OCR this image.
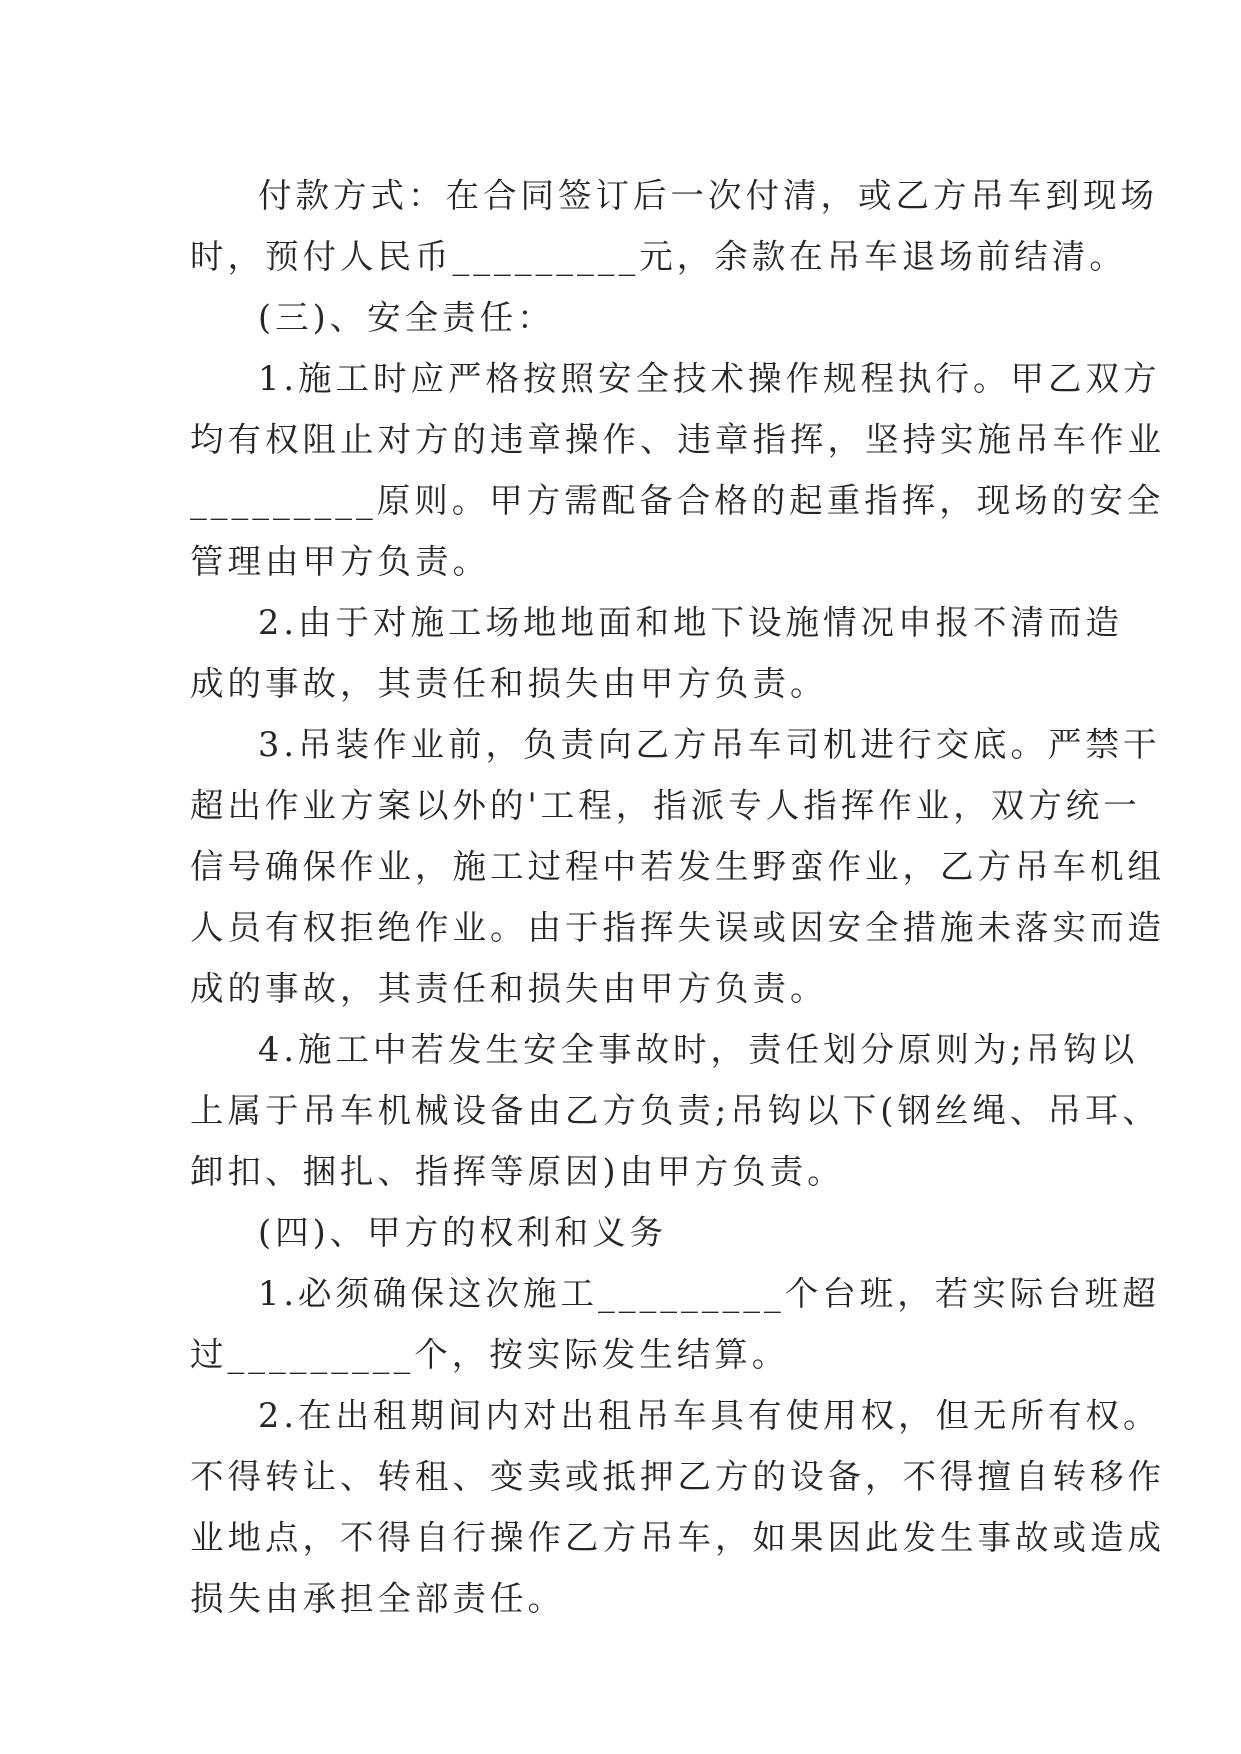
付款方式：在合同签订后一次付清，或乙方吊车到现场
时，预付人民币_________元，余款在吊车退场前结清。
(三)、安全责任：
1.施工时应严格按照安全技术操作规程执行。甲乙双方
均有权阻止对方的违章操作、违章指挥，坚持实施吊车作业
_________原则。甲方需配备合格的起重指挥，现场的安全
管理由甲方负责。
2.由于对施工场地地面和地下设施情况申报不清而造
成的事故，其责任和损失由甲方负责。
3.吊装作业前，负责向乙方吊车司机进行交底。严禁干
超出作业方案以外的'工程，指派专人指挥作业，双方统一
信号确保作业，施工过程中若发生野蛮作业，乙方吊车机组
人员有权拒绝作业。由于指挥失误或因安全措施未落实而造
成的事故，其责任和损失由甲方负责。
4.施工中若发生安全事故时，责任划分原则为;吊钩以
上属于吊车机械设备由乙方负责;吊钩以下(钢丝绳、吊耳、
卸扣、捆扎、指挥等原因)由甲方负责。
(四)、甲方的权利和义务
1.必须确保这次施工_________个台班，若实际台班超
过_________个，按实际发生结算。
2.在出租期间内对出租吊车具有使用权，但无所有权。
不得转让、转租、变卖或抵押乙方的设备，不得擅自转移作
业地点，不得自行操作乙方吊车，如果因此发生事故或造成
损失由承担全部责任。
